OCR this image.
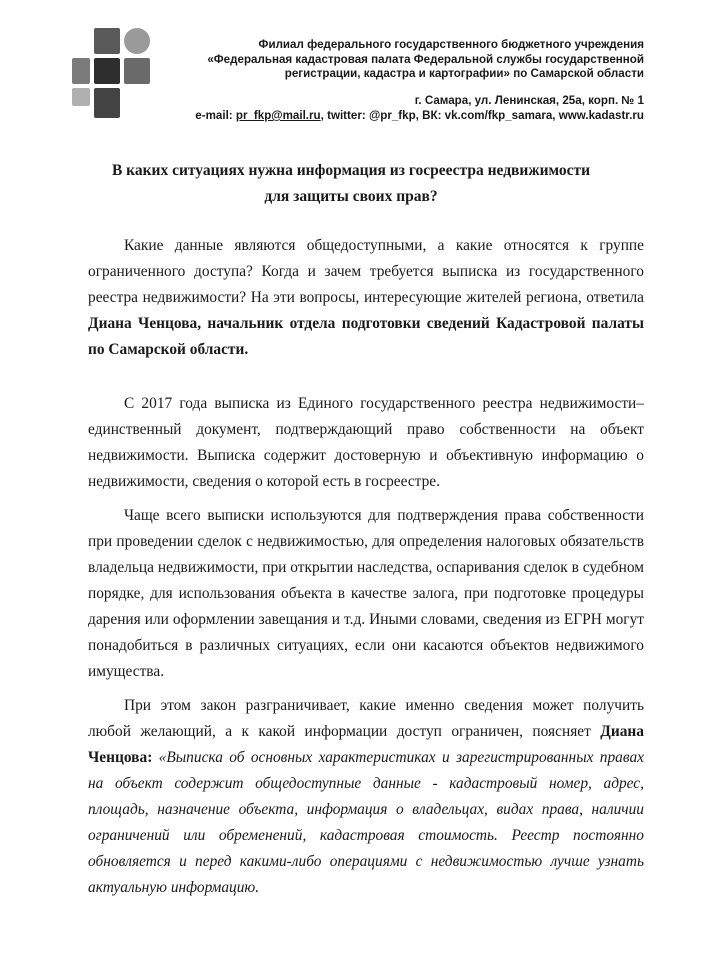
Филиал федерального государственного бюджетного учреждения
«Федеральная кадастровая палата Федеральной службы государственной
регистрации, кадастра и картографии» по Самарской области
г. Самара, ул. Ленинская, 25а, корп. № 1
e-mail: pr_fkp@mail.ru, twitter: @pr_fkp, ВК: vk.com/fkp_samara, www.kadastr.ru
В каких ситуациях нужна информация из госреестра недвижимости
для защиты своих прав?

Какие данные являются общедоступными, а какие относятся к группе ограниченного доступа? Когда и зачем требуется выписка из государственного реестра недвижимости? На эти вопросы, интересующие жителей региона, ответила Диана Ченцова, начальник отдела подготовки сведений Кадастровой палаты по Самарской области.

С 2017 года выписка из Единого государственного реестра недвижимости– единственный документ, подтверждающий право собственности на объект недвижимости. Выписка содержит достоверную и объективную информацию о недвижимости, сведения о которой есть в госреестре.

Чаще всего выписки используются для подтверждения права собственности при проведении сделок с недвижимостью, для определения налоговых обязательств владельца недвижимости, при открытии наследства, оспаривания сделок в судебном порядке, для использования объекта в качестве залога, при подготовке процедуры дарения или оформлении завещания и т.д. Иными словами, сведения из ЕГРН могут понадобиться в различных ситуациях, если они касаются объектов недвижимого имущества.

При этом закон разграничивает, какие именно сведения может получить любой желающий, а к какой информации доступ ограничен, поясняет Диана Ченцова: «Выписка об основных характеристиках и зарегистрированных правах на объект содержит общедоступные данные - кадастровый номер, адрес, площадь, назначение объекта, информация о владельцах, видах права, наличии ограничений или обременений, кадастровая стоимость. Реестр постоянно обновляется и перед какими-либо операциями с недвижимостью лучше узнать актуальную информацию.
